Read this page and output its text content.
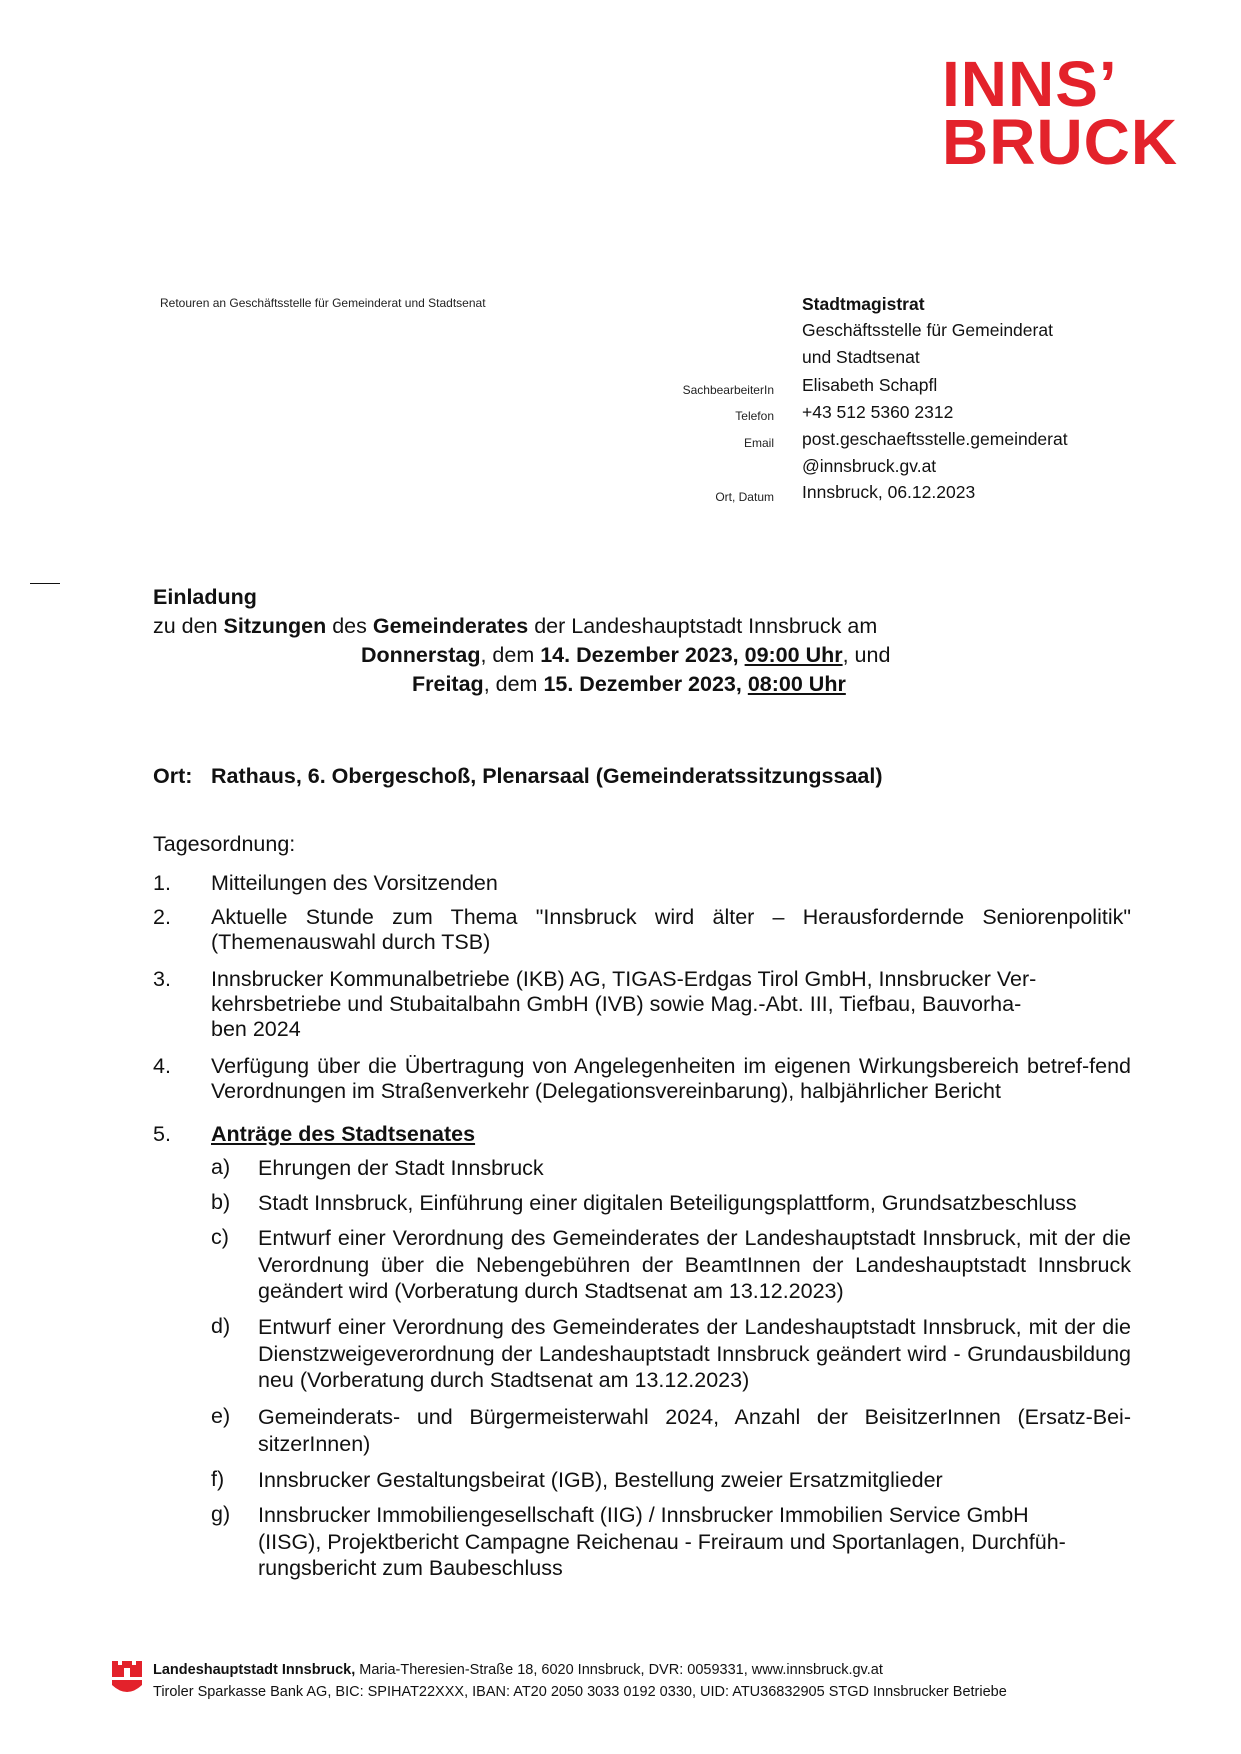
INNS’
BRUCK
Retouren an Geschäftsstelle für Gemeinderat und Stadtsenat	Stadtmagistrat
Geschäftsstelle für Gemeinderat
und Stadtsenat
SachbearbeiterIn Elisabeth Schapfl
Telefon +43 512 5360 2312
Email post.geschaeftsstelle.gemeinderat
@innsbruck.gv.at
Ort, Datum Innsbruck, 06.12.2023
Einladung
zu den Sitzungen des Gemeinderates der Landeshauptstadt Innsbruck am
Donnerstag, dem 14. Dezember 2023, 09:00 Uhr, und
Freitag, dem 15. Dezember 2023, 08:00 Uhr
Ort: Rathaus, 6. Obergeschoß, Plenarsaal (Gemeinderatssitzungssaal)
Tagesordnung:
1. Mitteilungen des Vorsitzenden
2. Aktuelle Stunde zum Thema "Innsbruck wird älter – Herausfordernde Seniorenpolitik" (Themenauswahl durch TSB)
3. Innsbrucker Kommunalbetriebe (IKB) AG, TIGAS-Erdgas Tirol GmbH, Innsbrucker Ver-
kehrsbetriebe und Stubaitalbahn GmbH (IVB) sowie Mag.-Abt. III, Tiefbau, Bauvorha-
ben 2024
4. Verfügung über die Übertragung von Angelegenheiten im eigenen Wirkungsbereich betref-fend Verordnungen im Straßenverkehr (Delegationsvereinbarung), halbjährlicher Bericht
5. Anträge des Stadtsenates
a) Ehrungen der Stadt Innsbruck
b) Stadt Innsbruck, Einführung einer digitalen Beteiligungsplattform, Grundsatzbeschluss
c) Entwurf einer Verordnung des Gemeinderates der Landeshauptstadt Innsbruck, mit der die Verordnung über die Nebengebühren der BeamtInnen der Landeshauptstadt Innsbruck geändert wird (Vorberatung durch Stadtsenat am 13.12.2023)
d) Entwurf einer Verordnung des Gemeinderates der Landeshauptstadt Innsbruck, mit der die Dienstzweigeverordnung der Landeshauptstadt Innsbruck geändert wird - Grundausbildung neu (Vorberatung durch Stadtsenat am 13.12.2023)
e) Gemeinderats- und Bürgermeisterwahl 2024, Anzahl der BeisitzerInnen (Ersatz-Bei-sitzerInnen)
f) Innsbrucker Gestaltungsbeirat (IGB), Bestellung zweier Ersatzmitglieder
g) Innsbrucker Immobiliengesellschaft (IIG) / Innsbrucker Immobilien Service GmbH
(IISG), Projektbericht Campagne Reichenau - Freiraum und Sportanlagen, Durchfüh-
rungsbericht zum Baubeschluss
Landeshauptstadt Innsbruck, Maria-Theresien-Straße 18, 6020 Innsbruck, DVR: 0059331, www.innsbruck.gv.at
Tiroler Sparkasse Bank AG, BIC: SPIHAT22XXX, IBAN: AT20 2050 3033 0192 0330, UID: ATU36832905 STGD Innsbrucker Betriebe
